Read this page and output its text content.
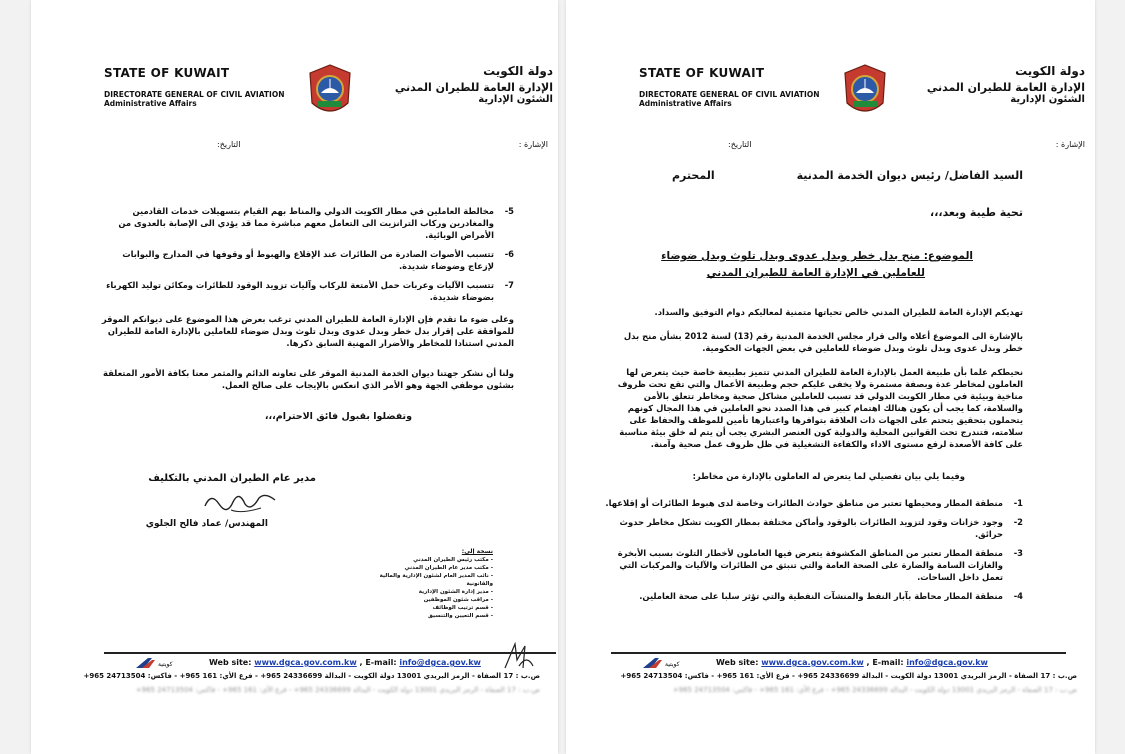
STATE OF KUWAIT
DIRECTORATE GENERAL OF CIVIL AVIATION
Administrative Affairs
دولة الكويت
الإدارة العامة للطيران المدني
الشئون الإدارية
الإشارة :
التاريخ:
السيد الفاضل/ رئيس ديوان الخدمة المدنية
المحترم
تحية طيبة وبعد،،،
الموضوع: منح بدل خطر وبدل عدوى وبدل تلوث وبدل ضوضاء
للعاملين في الإدارة العامة للطيران المدني
تهديكم الإدارة العامة للطيران المدني خالص تحياتها متمنية لمعاليكم دوام التوفيق والسداد.
بالإشارة الى الموضوع أعلاه والى قرار مجلس الخدمة المدنية رقم (13) لسنة 2012 بشأن منح بدل خطر وبدل عدوى وبدل تلوث وبدل ضوضاء للعاملين في بعض الجهات الحكومية.
نحيطكم علما بأن طبيعة العمل بالإدارة العامة للطيران المدني تتميز بطبيعة خاصة حيث يتعرض لها العاملون لمخاطر عدة وبصفة مستمرة ولا يخفى عليكم حجم وطبيعة الأعمال والتي تقع تحت ظروف مناخية وبيئية في مطار الكويت الدولي قد تسبب للعاملين مشاكل صحية ومخاطر تتعلق بالأمن والسلامة، كما يجب أن يكون هنالك اهتمام كبير في هذا الصدد نحو العاملين في هذا المجال كونهم يتحملون بتحقيق يتحتم على الجهات ذات العلاقة بتوافرها واعتبارها تأمين للموظف والحفاظ على سلامته، فتندرج تحت القوانين المحلية والدولية كون العنصر البشري يجب أن يتم له خلق بيئة مناسبة على كافة الأصعدة لرفع مستوى الاداء والكفاءة التشغيلية في ظل ظروف عمل صحية وآمنة.
وفيما يلي بيان تفصيلي لما يتعرض له العاملون بالإدارة من مخاطر:
1-
منطقة المطار ومحيطها تعتبر من مناطق حوادث الطائرات وخاصة لدى هبوط الطائرات أو إقلاعها.
2-
وجود خزانات وقود لتزويد الطائرات بالوقود وأماكن مختلفة بمطار الكويت تشكل مخاطر حدوث حرائق.
3-
منطقة المطار تعتبر من المناطق المكشوفة يتعرض فيها العاملون لأخطار التلوث بسبب الأبخرة والغازات السامة والضارة على الصحة العامة والتي تنبثق من الطائرات والآليات والمركبات التي تعمل داخل الساحات.
4-
منطقة المطار محاطة بآبار النفط والمنشآت النفطية والتي تؤثر سلبا على صحة العاملين.
كويتية	Web site: www.dgca.gov.com.kw , E-mail: info@dgca.gov.kw
ص.ب : 17 الصفاة - الرمز البريدي 13001 دولة الكويت - البدالة 24336699 965+ - فرع الأي: 161 965+ - فاكس: 24713504 965+
ص.ب : 17 الصفاة - الرمز البريدي 13001 دولة الكويت - البدالة 24336699 965+ - فرع الأي: 161 965+ - فاكس: 24713504 965+
STATE OF KUWAIT
DIRECTORATE GENERAL OF CIVIL AVIATION
Administrative Affairs
دولة الكويت
الإدارة العامة للطيران المدني
الشئون الإدارية
الإشارة :
التاريخ:
5-
مخالطة العاملين في مطار الكويت الدولي والمناط بهم القيام بتسهيلات خدمات القادمين والمغادرين وركاب الترانزيت الى التعامل معهم مباشرة مما قد يؤدي الى الإصابة بالعدوى من الأمراض الوبائية.
6-
تتسبب الأصوات الصادرة من الطائرات عند الإقلاع والهبوط أو وقوفها في المدارج والبوابات لإزعاج وضوضاء شديدة.
7-
تتسبب الآليات وعربات حمل الأمتعة للركاب وآليات تزويد الوقود للطائرات ومكائن توليد الكهرباء بضوضاء شديدة.
وعلى ضوء ما تقدم فإن الإدارة العامة للطيران المدني ترغب بعرض هذا الموضوع على ديوانكم الموقر للموافقة على إقرار بدل خطر وبدل عدوى وبدل تلوث وبدل ضوضاء للعاملين بالإدارة العامة للطيران المدني استنادا للمخاطر والأضرار المهنية السابق ذكرها.
ولنا أن نشكر جهتنا ديوان الخدمة المدنية الموقر على تعاونه الدائم والمثمر معنا بكافة الأمور المتعلقة بشئون موظفي الجهة وهو الأمر الذي انعكس بالإيجاب على صالح العمل.
وتفضلوا بقبول فائق الاحترام،،،
مدير عام الطيران المدني بالتكليف
المهندس/ عماد فالح الجلوي
نسخة إلى:
- مكتب رئيس الطيران المدني
- مكتب مدير عام الطيران المدني
- نائب المدير العام لشئون الإدارية والمالية والقانونية
- مدير إدارة الشئون الإدارية
- مراقب شئون الموظفين
- قسم ترتيب الوظائف
- قسم التعيين والتنسيق
كويتية	Web site: www.dgca.gov.com.kw , E-mail: info@dgca.gov.kw
ص.ب : 17 الصفاة - الرمز البريدي 13001 دولة الكويت - البدالة 24336699 965+ - فرع الأي: 161 965+ - فاكس: 24713504 965+
ص.ب : 17 الصفاة - الرمز البريدي 13001 دولة الكويت - البدالة 24336699 965+ - فرع الأي: 161 965+ - فاكس: 24713504 965+
